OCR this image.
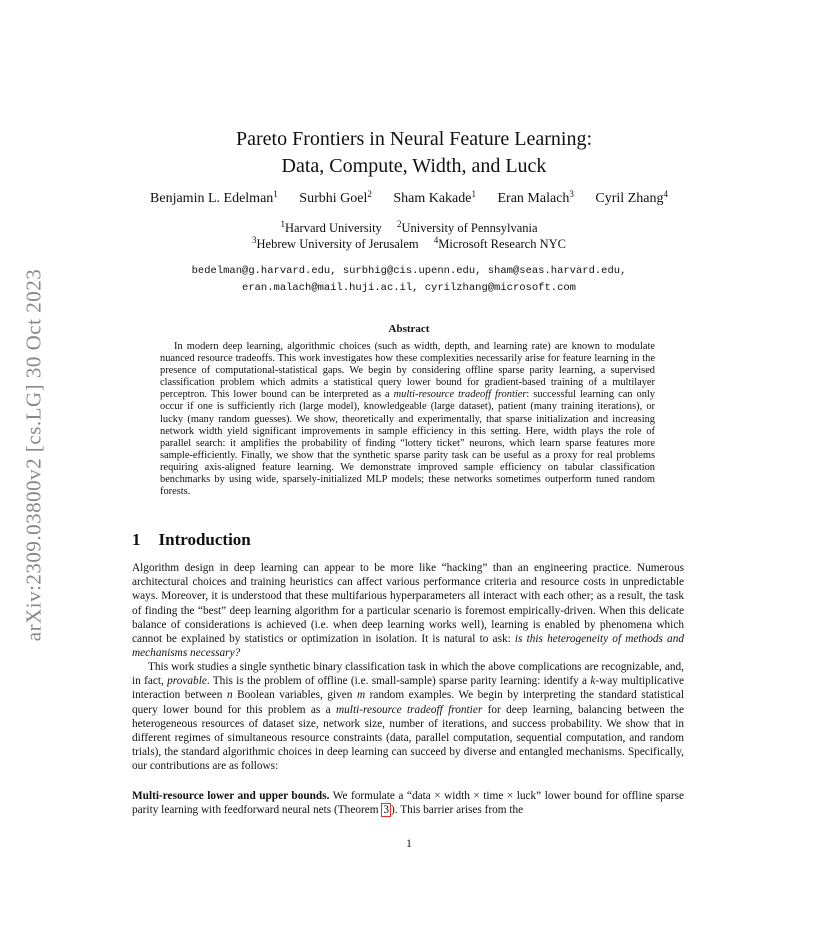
arXiv:2309.03800v2 [cs.LG] 30 Oct 2023
Pareto Frontiers in Neural Feature Learning:
Data, Compute, Width, and Luck
Benjamin L. Edelman$^1$ Surbhi Goel$^2$ Sham Kakade$^1$ Eran Malach$^3$ Cyril Zhang$^4$
$^1$Harvard University $^2$University of Pennsylvania
$^3$Hebrew University of Jerusalem $^4$Microsoft Research NYC
bedelman@g.harvard.edu, surbhig@cis.upenn.edu, sham@seas.harvard.edu,
eran.malach@mail.huji.ac.il, cyrilzhang@microsoft.com
Abstract

In modern deep learning, algorithmic choices (such as width, depth, and learning rate) are known to modulate nuanced resource tradeoffs. This work investigates how these complexities necessarily arise for feature learning in the presence of computational-statistical gaps. We begin by considering offline sparse parity learning, a supervised classification problem which admits a statistical query lower bound for gradient-based training of a multilayer perceptron. This lower bound can be interpreted as a multi-resource tradeoff frontier: successful learning can only occur if one is sufficiently rich (large model), knowledgeable (large dataset), patient (many training iterations), or lucky (many random guesses). We show, theoretically and experimentally, that sparse initialization and increasing network width yield significant improvements in sample efficiency in this setting. Here, width plays the role of parallel search: it amplifies the probability of finding “lottery ticket” neurons, which learn sparse features more sample-efficiently. Finally, we show that the synthetic sparse parity task can be useful as a proxy for real problems requiring axis-aligned feature learning. We demonstrate improved sample efficiency on tabular classification benchmarks by using wide, sparsely-initialized MLP models; these networks sometimes outperform tuned random forests.

1 Introduction

Algorithm design in deep learning can appear to be more like “hacking” than an engineering practice. Numerous architectural choices and training heuristics can affect various performance criteria and resource costs in unpredictable ways. Moreover, it is understood that these multifarious hyperparameters all interact with each other; as a result, the task of finding the “best” deep learning algorithm for a particular scenario is foremost empirically-driven. When this delicate balance of considerations is achieved (i.e. when deep learning works well), learning is enabled by phenomena which cannot be explained by statistics or optimization in isolation. It is natural to ask: is this heterogeneity of methods and mechanisms necessary?

This work studies a single synthetic binary classification task in which the above complications are recognizable, and, in fact, provable. This is the problem of offline (i.e. small-sample) sparse parity learning: identify a k-way multiplicative interaction between n Boolean variables, given m random examples. We begin by interpreting the standard statistical query lower bound for this problem as a multi-resource tradeoff frontier for deep learning, balancing between the heterogeneous resources of dataset size, network size, number of iterations, and success probability. We show that in different regimes of simultaneous resource constraints (data, parallel computation, sequential computation, and random trials), the standard algorithmic choices in deep learning can succeed by diverse and entangled mechanisms. Specifically, our contributions are as follows:

Multi-resource lower and upper bounds. We formulate a “data × width × time × luck” lower bound for offline sparse parity learning with feedforward neural nets (Theorem 3 ). This barrier arises from the

1
